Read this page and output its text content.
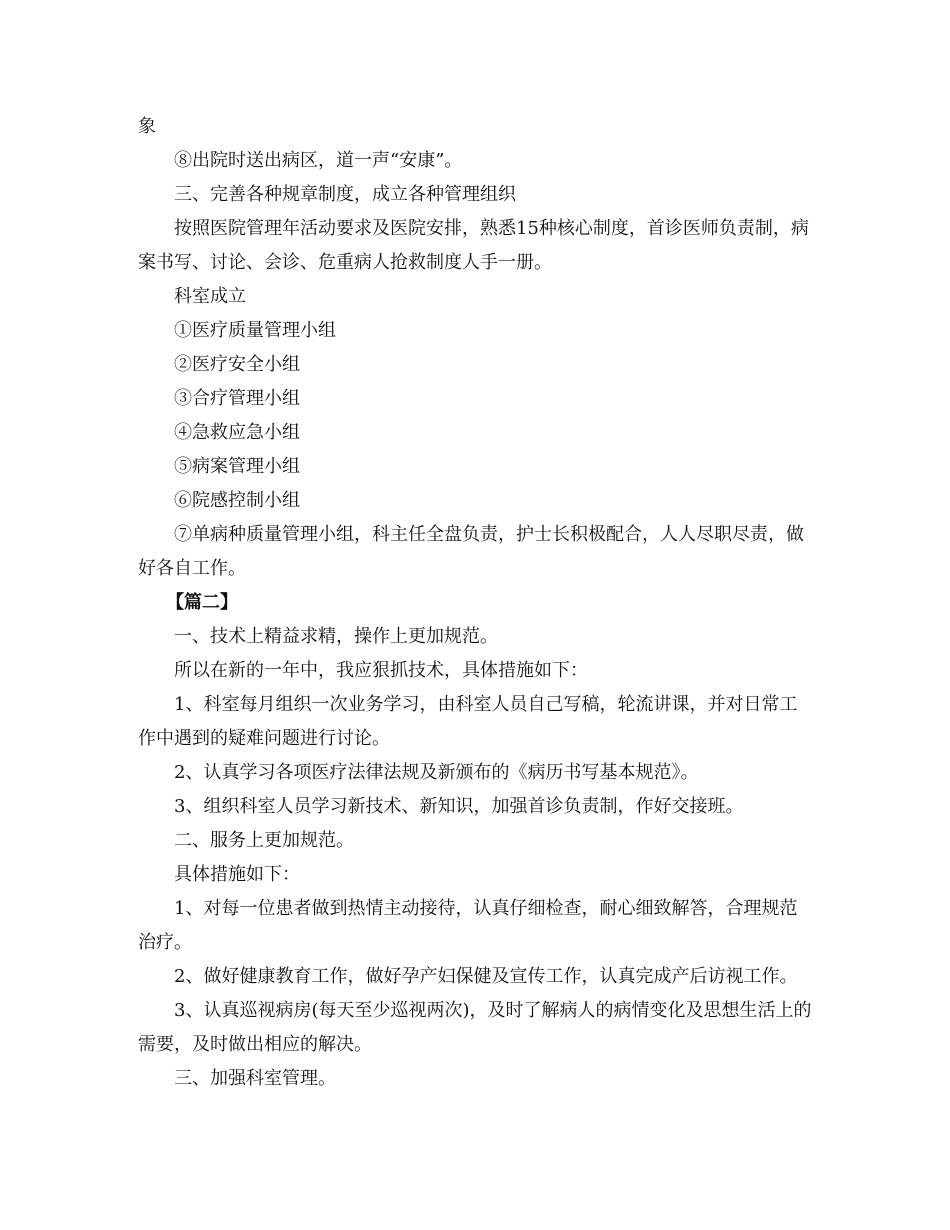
象

⑧出院时送出病区，道一声“安康”。

三、完善各种规章制度，成立各种管理组织

按照医院管理年活动要求及医院安排，熟悉15种核心制度，首诊医师负责制，病案书写、讨论、会诊、危重病人抢救制度人手一册。

科室成立

①医疗质量管理小组

②医疗安全小组

③合疗管理小组

④急救应急小组

⑤病案管理小组

⑥院感控制小组

⑦单病种质量管理小组，科主任全盘负责，护士长积极配合，人人尽职尽责，做好各自工作。

【篇二】

一、技术上精益求精，操作上更加规范。

所以在新的一年中，我应狠抓技术，具体措施如下：

1、科室每月组织一次业务学习，由科室人员自己写稿，轮流讲课，并对日常工作中遇到的疑难问题进行讨论。

2、认真学习各项医疗法律法规及新颁布的《病历书写基本规范》。

3、组织科室人员学习新技术、新知识，加强首诊负责制，作好交接班。

二、服务上更加规范。

具体措施如下：

1、对每一位患者做到热情主动接待，认真仔细检查，耐心细致解答，合理规范治疗。

2、做好健康教育工作，做好孕产妇保健及宣传工作，认真完成产后访视工作。

3、认真巡视病房(每天至少巡视两次)，及时了解病人的病情变化及思想生活上的需要，及时做出相应的解决。

三、加强科室管理。
